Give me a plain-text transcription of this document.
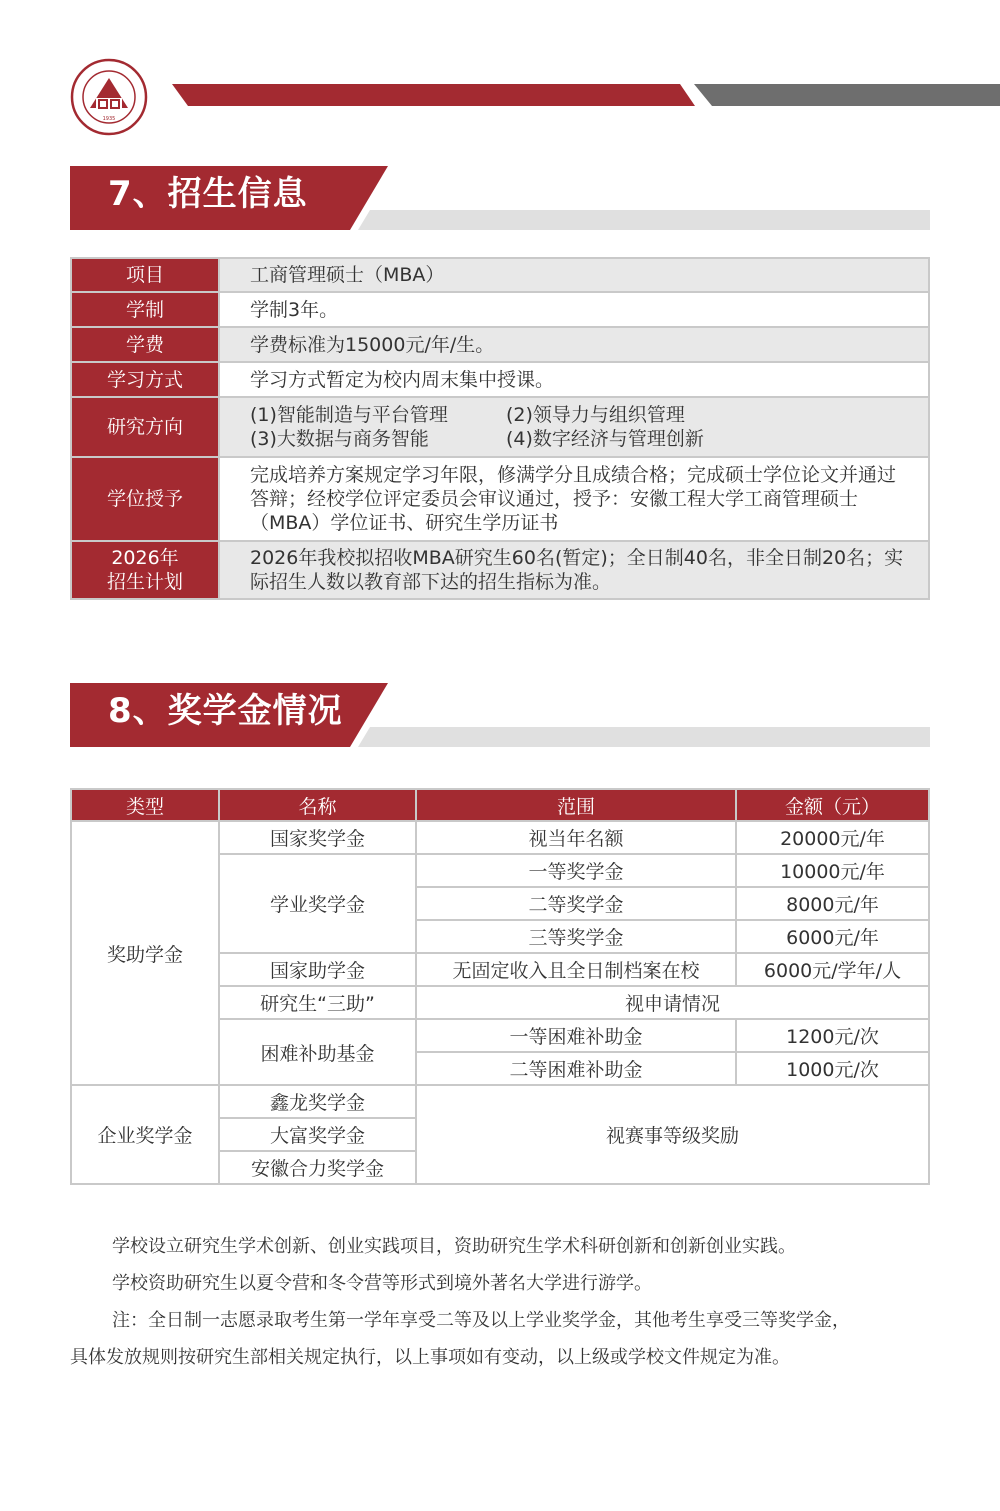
1935
7、招生信息
项目	工商管理硕士（MBA）
学制	学制3年。
学费	学费标准为15000元/年/生。
学习方式	学习方式暂定为校内周末集中授课。
研究方向	(1)智能制造与平台管理 (2)领导力与组织管理
(3)大数据与商务智能 (4)数字经济与管理创新

学位授予	完成培养方案规定学习年限，修满学分且成绩合格；完成硕士学位论文并通过答辩；经校学位评定委员会审议通过，授予：安徽工程大学工商管理硕士（MBA）学位证书、研究生学历证书

2026年
招生计划	2026年我校拟招收MBA研究生60名(暂定)；全日制40名，非全日制20名；实际招生人数以教育部下达的招生指标为准。
8、奖学金情况
类型	名称	范围	金额（元）
奖助学金	国家奖学金	视当年名额	20000元/年
	学业奖学金	一等奖学金	10000元/年
		二等奖学金	8000元/年
		三等奖学金	6000元/年
	国家助学金	无固定收入且全日制档案在校	6000元/学年/人
	研究生“三助”	视申请情况	
	困难补助基金	一等困难补助金	1200元/次
		二等困难补助金	1000元/次
企业奖学金	鑫龙奖学金	视赛事等级奖励	
	大富奖学金		
	安徽合力奖学金		

学校设立研究生学术创新、创业实践项目，资助研究生学术科研创新和创新创业实践。

学校资助研究生以夏令营和冬令营等形式到境外著名大学进行游学。

注：全日制一志愿录取考生第一学年享受二等及以上学业奖学金，其他考生享受三等奖学金，

具体发放规则按研究生部相关规定执行，以上事项如有变动，以上级或学校文件规定为准。
